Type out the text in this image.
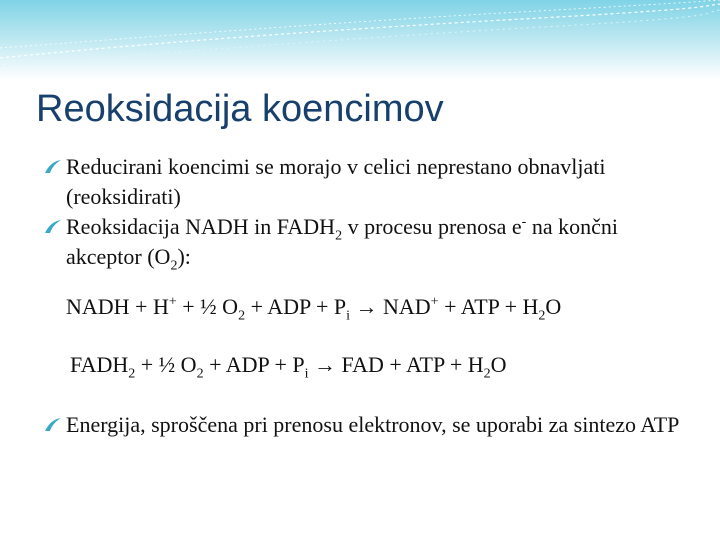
Reoksidacija koencimov
Reducirani koencimi se morajo v celici neprestano obnavljati (reoksidirati)
Reoksidacija NADH in $FADH_2$ v procesu prenosa e- na končni akceptor $(O_2)$:
NADH + H+ + ½ $O_2$ + ADP + $P_i \to NAD^+$ + ATP + $H_2O$
$FADH_2$ + ½ $O_2$ + ADP + $P_i$ → FAD + ATP + $H_2O$
Energija, sproščena pri prenosu elektronov, se uporabi za sintezo ATP
